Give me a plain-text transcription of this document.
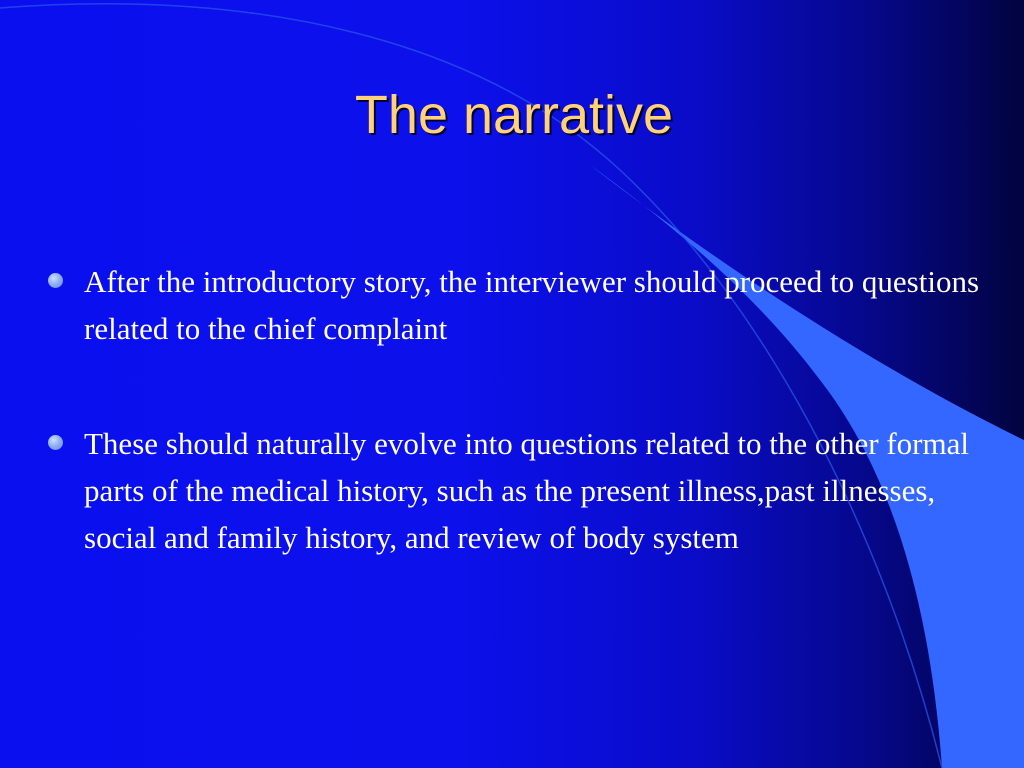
The narrative
After the introductory story, the interviewer should proceed to questions related to the chief complaint
These should naturally evolve into questions related to the other formal parts of the medical history, such as the present illness,past illnesses, social and family history, and review of body system
